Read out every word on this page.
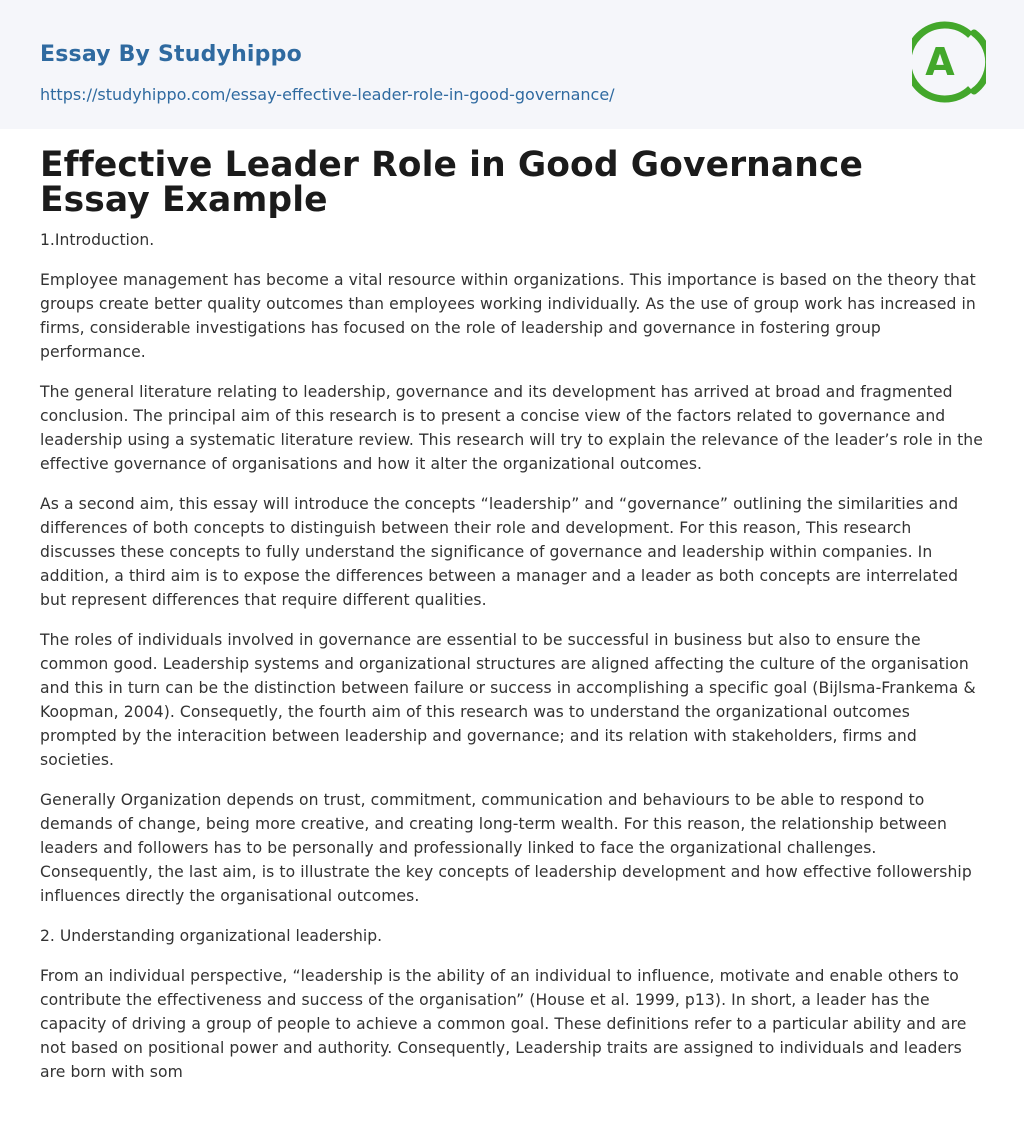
Essay By Studyhippo
https://studyhippo.com/essay-effective-leader-role-in-good-governance/
A
Effective Leader Role in Good Governance Essay Example

1.Introduction.

Employee management has become a vital resource within organizations. This importance is based on the theory that groups create better quality outcomes than employees working individually. As the use of group work has increased in firms, considerable investigations has focused on the role of leadership and governance in fostering group performance.

The general literature relating to leadership, governance and its development has arrived at broad and fragmented conclusion. The principal aim of this research is to present a concise view of the factors related to governance and leadership using a systematic literature review. This research will try to explain the relevance of the leader’s role in the effective governance of organisations and how it alter the organizational outcomes.

As a second aim, this essay will introduce the concepts “leadership” and “governance” outlining the similarities and differences of both concepts to distinguish between their role and development. For this reason, This research discusses these concepts to fully understand the significance of governance and leadership within companies. In addition, a third aim is to expose the differences between a manager and a leader as both concepts are interrelated but represent differences that require different qualities.

The roles of individuals involved in governance are essential to be successful in business but also to ensure the common good. Leadership systems and organizational structures are aligned affecting the culture of the organisation and this in turn can be the distinction between failure or success in accomplishing a specific goal (Bijlsma-Frankema & Koopman, 2004). Consequetly, the fourth aim of this research was to understand the organizational outcomes prompted by the interacition between leadership and governance; and its relation with stakeholders, firms and societies.

Generally Organization depends on trust, commitment, communication and behaviours to be able to respond to demands of change, being more creative, and creating long-term wealth. For this reason, the relationship between leaders and followers has to be personally and professionally linked to face the organizational challenges. Consequently, the last aim, is to illustrate the key concepts of leadership development and how effective followership influences directly the organisational outcomes.

2. Understanding organizational leadership.

From an individual perspective, “leadership is the ability of an individual to influence, motivate and enable others to contribute the effectiveness and success of the organisation” (House et al. 1999, p13). In short, a leader has the capacity of driving a group of people to achieve a common goal. These definitions refer to a particular ability and are not based on positional power and authority. Consequently, Leadership traits are assigned to individuals and leaders are born with som
